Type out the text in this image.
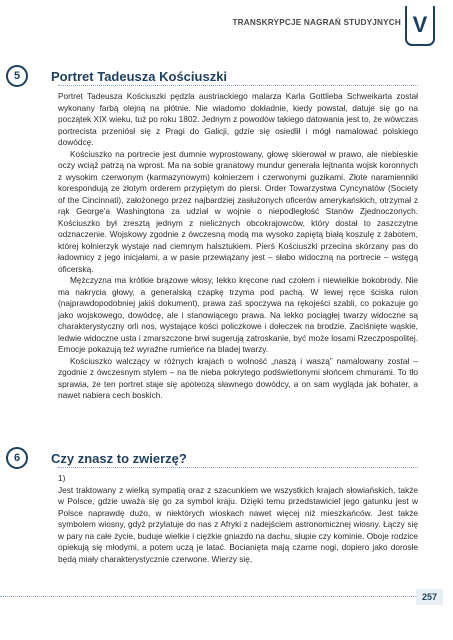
TRANSKRYPCJE NAGRAŃ STUDYJNYCH V
5	Portret Tadeusza Kościuszki

Portret Tadeusza Kościuszki pędzla austriackiego malarza Karla Gottlieba Schweikarta został wykonany farbą olejną na płótnie. Nie wiadomo dokładnie, kiedy powstał, datuje się go na początek XIX wieku, tuż po roku 1802. Jednym z powodów takiego datowania jest to, że wówczas portrecista przeniósł się z Pragi do Galicji, gdzie się osiedlił i mógł namalować polskiego dowódcę.

Kościuszko na portrecie jest dumnie wyprostowany, głowę skierował w prawo, ale niebieskie oczy wciąż patrzą na wprost. Ma na sobie granatowy mundur generała lejtnanta wojsk koronnych z wysokim czerwonym (karmazynowym) kołnierzem i czerwonymi guzikami. Złote naramienniki korespondują ze złotym orderem przypiętym do piersi. Order Towarzystwa Cyncynatów (Society of the Cincinnati), założonego przez najbardziej zasłużonych oficerów amerykańskich, otrzymał z rąk George'a Washingtona za udział w wojnie o niepodległość Stanów Zjednoczonych. Kościuszko był zresztą jednym z nielicznych obcokrajowców, który dostał to zaszczytne odznaczenie. Wojskowy zgodnie z ówczesną modą ma wysoko zapiętą białą koszulę z żabotem, której kołnierzyk wystaje nad ciemnym halsztukiem. Pierś Kościuszki przecina skórzany pas do ładownicy z jego inicjałami, a w pasie przewiązany jest – słabo widoczną na portrecie – wstęgą oficerską.

Mężczyzna ma krótkie brązowe włosy, lekko kręcone nad czołem i niewielkie bokobrody. Nie ma nakrycia głowy, a generalską czapkę trzyma pod pachą. W lewej ręce ściska rulon (najprawdopodobniej jakiś dokument), prawa zaś spoczywa na rękojeści szabli, co pokazuje go jako wojskowego, dowódcę, ale i stanowiącego prawa. Na lekko pociągłej twarzy widoczne są charakterystyczny orli nos, wystające kości policzkowe i dołeczek na brodzie. Zaciśnięte wąskie, ledwie widoczne usta i zmarszczone brwi sugerują zatroskanie, być może losami Rzeczpospolitej. Emocje pokazują też wyraźne rumieńce na bladej twarzy.

Kościuszko walczący w różnych krajach o wolność „naszą i waszą” namalowany został – zgodnie z ówczesnym stylem – na tle nieba pokrytego podświetlonymi słońcem chmurami. To tło sprawia, że ten portret staje się apoteozą sławnego dowódcy, a on sam wygląda jak bohater, a nawet nabiera cech boskich.

6	Czy znasz to zwierzę?

1)

Jest traktowany z wielką sympatią oraz z szacunkiem we wszystkich krajach słowiańskich, także w Polsce, gdzie uważa się go za symbol kraju. Dzięki temu przedstawiciel jego gatunku jest w Polsce naprawdę dużo, w niektórych wioskach nawet więcej niż mieszkańców. Jest także symbolem wiosny, gdyż przylatuje do nas z Afryki z nadejściem astronomicznej wiosny. Łączy się w pary na całe życie, buduje wielkie i ciężkie gniazdo na dachu, słupie czy kominie. Oboje rodzice opiekują się młodymi, a potem uczą je latać. Bocianięta mają czarne nogi, dopiero jako dorosłe będą miały charakterystycznie czerwone. Wierzy się,

257
